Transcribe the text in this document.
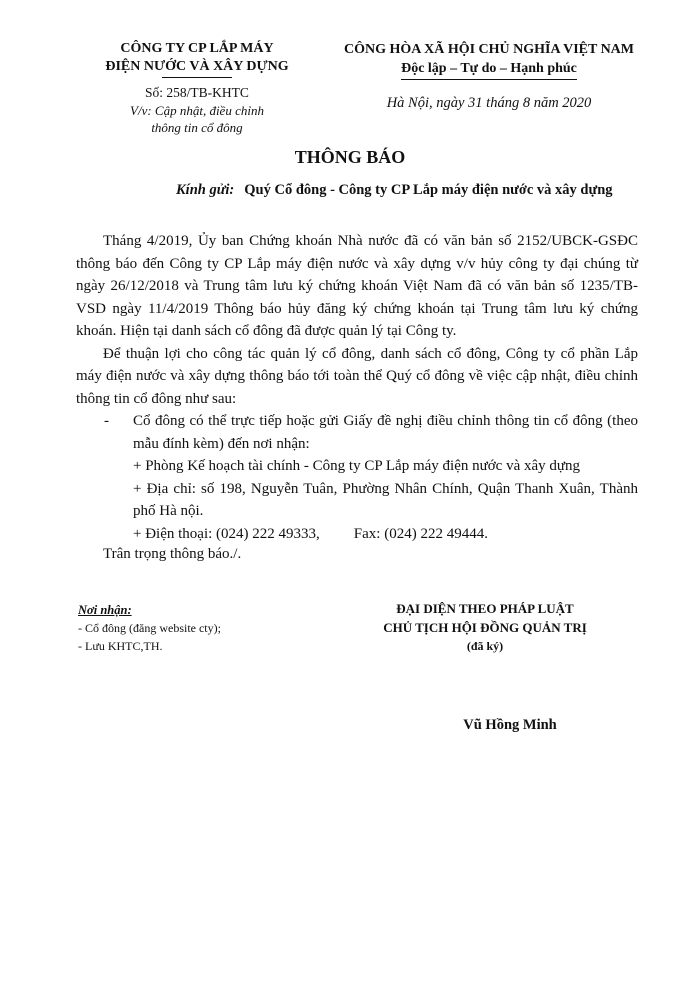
CÔNG TY CP LẮP MÁY
ĐIỆN NƯỚC VÀ XÂY DỰNG
Số: 258/TB-KHTC
V/v: Cập nhật, điều chỉnh
thông tin cổ đông
CÔNG HÒA XÃ HỘI CHỦ NGHĨA VIỆT NAM
Độc lập – Tự do – Hạnh phúc
Hà Nội, ngày 31 tháng 8 năm 2020
THÔNG BÁO
Kính gửi: Quý Cổ đông - Công ty CP Lắp máy điện nước và xây dựng

Tháng 4/2019, Ủy ban Chứng khoán Nhà nước đã có văn bản số 2152/UBCK-GSĐC thông báo đến Công ty CP Lắp máy điện nước và xây dựng v/v hủy công ty đại chúng từ ngày 26/12/2018 và Trung tâm lưu ký chứng khoán Việt Nam đã có văn bản số 1235/TB-VSD ngày 11/4/2019 Thông báo hủy đăng ký chứng khoán tại Trung tâm lưu ký chứng khoán. Hiện tại danh sách cổ đông đã được quản lý tại Công ty.

Để thuận lợi cho công tác quản lý cổ đông, danh sách cổ đông, Công ty cổ phần Lắp máy điện nước và xây dựng thông báo tới toàn thể Quý cổ đông về việc cập nhật, điều chỉnh thông tin cổ đông như sau:

- Cổ đông có thể trực tiếp hoặc gửi Giấy đề nghị điều chỉnh thông tin cổ đông (theo mẫu đính kèm) đến nơi nhận:

+ Phòng Kế hoạch tài chính - Công ty CP Lắp máy điện nước và xây dựng

+ Địa chỉ: số 198, Nguyễn Tuân, Phường Nhân Chính, Quận Thanh Xuân, Thành phố Hà nội.

+ Điện thoại: (024) 222 49333, Fax: (024) 222 49444.

Trân trọng thông báo./.
Nơi nhận:
- Cổ đông (đăng website cty);
- Lưu KHTC,TH.
ĐẠI DIỆN THEO PHÁP LUẬT
CHỦ TỊCH HỘI ĐỒNG QUẢN TRỊ
(đã ký)
Vũ Hồng Minh
